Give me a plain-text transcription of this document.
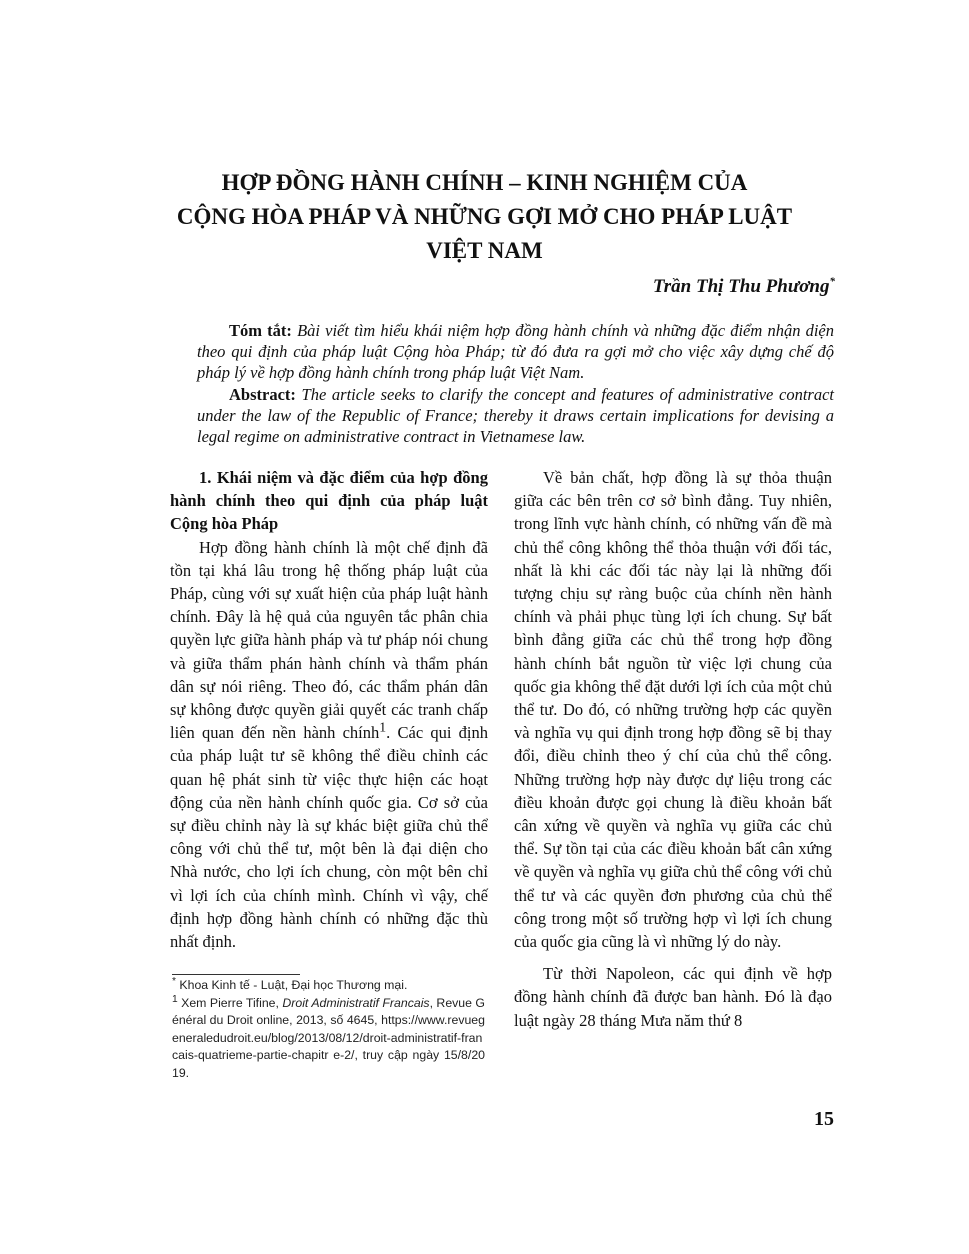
HỢP ĐỒNG HÀNH CHÍNH – KINH NGHIỆM CỦA
CỘNG HÒA PHÁP VÀ NHỮNG GỢI MỞ CHO PHÁP LUẬT
VIỆT NAM
Trần Thị Thu Phương*

Tóm tắt: Bài viết tìm hiểu khái niệm hợp đồng hành chính và những đặc điểm nhận diện theo qui định của pháp luật Cộng hòa Pháp; từ đó đưa ra gợi mở cho việc xây dựng chế độ pháp lý về hợp đồng hành chính trong pháp luật Việt Nam.

Abstract: The article seeks to clarify the concept and features of administrative contract under the law of the Republic of France; thereby it draws certain implications for devising a legal regime on administrative contract in Vietnamese law.

1. Khái niệm và đặc điểm của hợp đồng hành chính theo qui định của pháp luật Cộng hòa Pháp

Hợp đồng hành chính là một chế định đã tồn tại khá lâu trong hệ thống pháp luật của Pháp, cùng với sự xuất hiện của pháp luật hành chính. Đây là hệ quả của nguyên tắc phân chia quyền lực giữa hành pháp và tư pháp nói chung và giữa thẩm phán hành chính và thẩm phán dân sự nói riêng. Theo đó, các thẩm phán dân sự không được quyền giải quyết các tranh chấp liên quan đến nền hành chính$^1$. Các qui định của pháp luật tư sẽ không thể điều chỉnh các quan hệ phát sinh từ việc thực hiện các hoạt động của nền hành chính quốc gia. Cơ sở của sự điều chỉnh này là sự khác biệt giữa chủ thể công với chủ thể tư, một bên là đại diện cho Nhà nước, cho lợi ích chung, còn một bên chỉ vì lợi ích của chính mình. Chính vì vậy, chế định hợp đồng hành chính có những đặc thù nhất định.

* Khoa Kinh tế - Luật, Đại học Thương mại.

$^1$ Xem Pierre Tifine, Droit Administratif Francais, Revue Général du Droit online, 2013, số 4645, https://www.revuegeneraledudroit.eu/blog/2013/08/12/droit-administratif-francais-quatrieme-partie-chapitr e-2/, truy cập ngày 15/8/2019.

Về bản chất, hợp đồng là sự thỏa thuận giữa các bên trên cơ sở bình đẳng. Tuy nhiên, trong lĩnh vực hành chính, có những vấn đề mà chủ thể công không thể thỏa thuận với đối tác, nhất là khi các đối tác này lại là những đối tượng chịu sự ràng buộc của chính nền hành chính và phải phục tùng lợi ích chung. Sự bất bình đẳng giữa các chủ thể trong hợp đồng hành chính bắt nguồn từ việc lợi chung của quốc gia không thể đặt dưới lợi ích của một chủ thể tư. Do đó, có những trường hợp các quyền và nghĩa vụ qui định trong hợp đồng sẽ bị thay đổi, điều chỉnh theo ý chí của chủ thể công. Những trường hợp này được dự liệu trong các điều khoản được gọi chung là điều khoản bất cân xứng về quyền và nghĩa vụ giữa các chủ thể. Sự tồn tại của các điều khoản bất cân xứng về quyền và nghĩa vụ giữa chủ thể công với chủ thể tư và các quyền đơn phương của chủ thể công trong một số trường hợp vì lợi ích chung của quốc gia cũng là vì những lý do này.

Từ thời Napoleon, các qui định về hợp đồng hành chính đã được ban hành. Đó là đạo luật ngày 28 tháng Mưa năm thứ 8

15
